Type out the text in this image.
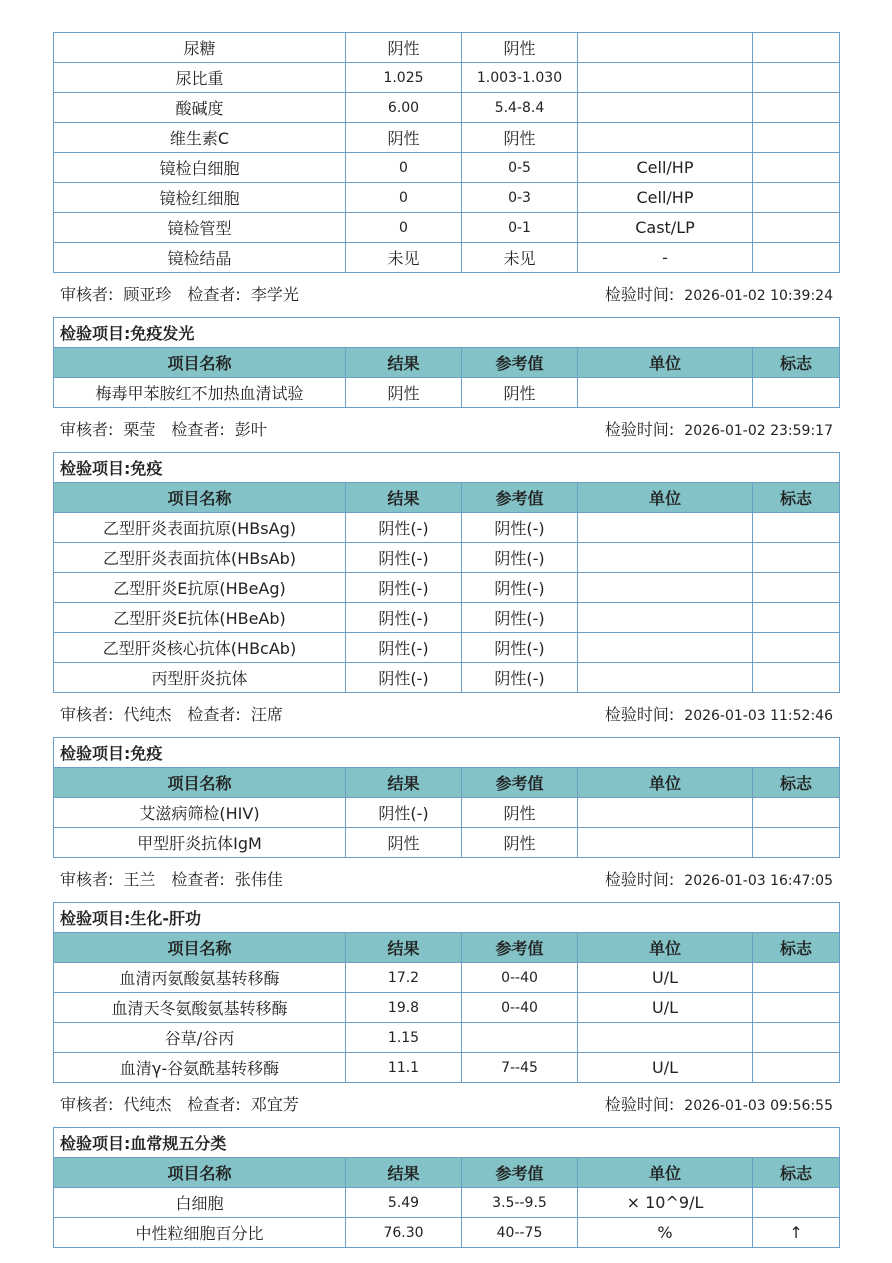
尿糖	阴性	阴性		
尿比重	1.025	1.003-1.030		
酸碱度	6.00	5.4-8.4		
维生素C	阴性	阴性		
镜检白细胞	0	0-5	Cell/HP	
镜检红细胞	0	0-3	Cell/HP	
镜检管型	0	0-1	Cast/LP	
镜检结晶	未见	未见	-	
审核者: 顾亚珍 检查者: 李学光	检验时间: 2026-01-02 10:39:24
检验项目:免疫发光				
项目名称	结果	参考值	单位	标志
梅毒甲苯胺红不加热血清试验	阴性	阴性		
审核者: 栗莹 检查者: 彭叶	检验时间: 2026-01-02 23:59:17
检验项目:免疫				
项目名称	结果	参考值	单位	标志
乙型肝炎表面抗原(HBsAg)	阴性(-)	阴性(-)		
乙型肝炎表面抗体(HBsAb)	阴性(-)	阴性(-)		
乙型肝炎E抗原(HBeAg)	阴性(-)	阴性(-)		
乙型肝炎E抗体(HBeAb)	阴性(-)	阴性(-)		
乙型肝炎核心抗体(HBcAb)	阴性(-)	阴性(-)		
丙型肝炎抗体	阴性(-)	阴性(-)		
审核者: 代纯杰 检查者: 汪席	检验时间: 2026-01-03 11:52:46
检验项目:免疫				
项目名称	结果	参考值	单位	标志
艾滋病筛检(HIV)	阴性(-)	阴性		
甲型肝炎抗体IgM	阴性	阴性		
审核者: 王兰 检查者: 张伟佳	检验时间: 2026-01-03 16:47:05
检验项目:生化-肝功				
项目名称	结果	参考值	单位	标志
血清丙氨酸氨基转移酶	17.2	0--40	U/L	
血清天冬氨酸氨基转移酶	19.8	0--40	U/L	
谷草/谷丙	1.15			
血清γ-谷氨酰基转移酶	11.1	7--45	U/L	
审核者: 代纯杰 检查者: 邓宜芳	检验时间: 2026-01-03 09:56:55
检验项目:血常规五分类				
项目名称	结果	参考值	单位	标志
白细胞	5.49	3.5--9.5	× 10^9/L	
中性粒细胞百分比	76.30	40--75	%	↑
